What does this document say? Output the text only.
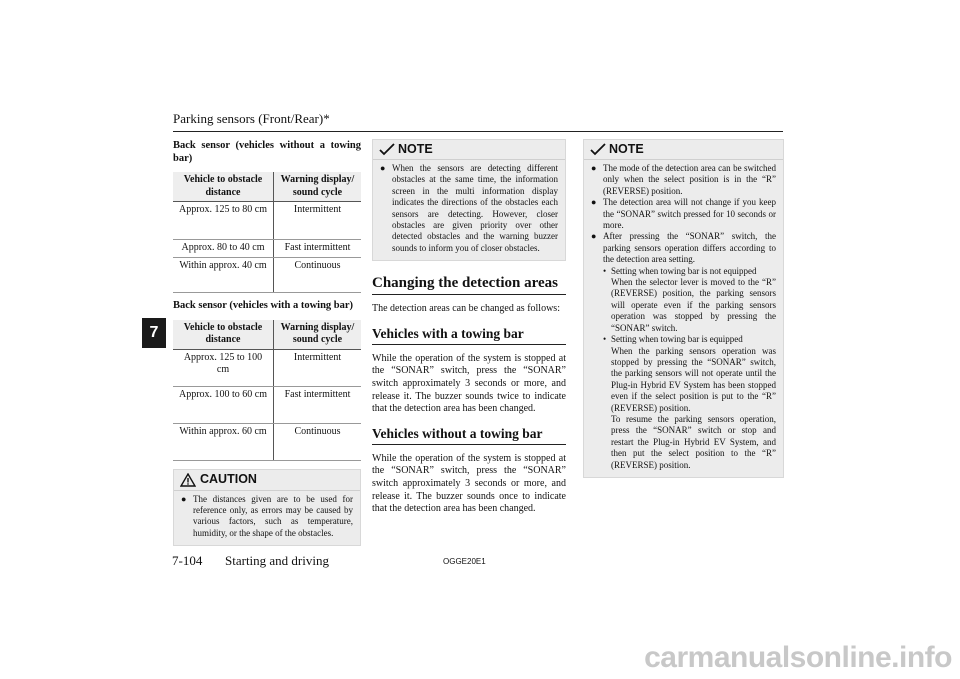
Parking sensors (Front/Rear)*
7
Back sensor (vehicles without a towing bar)
Vehicle to obstacle distance	Warning display/ sound cycle
Approx. 125 to 80 cm	Intermittent
Approx. 80 to 40 cm	Fast intermittent
Within approx. 40 cm	Continuous
Back sensor (vehicles with a towing bar)
Vehicle to obstacle distance	Warning display/ sound cycle
Approx. 125 to 100 cm	Intermittent
Approx. 100 to 60 cm	Fast intermittent
Within approx. 60 cm	Continuous
CAUTION
● The distances given are to be used for reference only, as errors may be caused by various factors, such as temperature, humidity, or the shape of the obstacles.
NOTE
● When the sensors are detecting different obstacles at the same time, the information screen in the multi information display indicates the directions of the obstacles each sensors are detecting. However, closer obstacles are given priority over other detected obstacles and the warning buzzer sounds to inform you of closer obstacles.
Changing the detection areas
The detection areas can be changed as follows:
Vehicles with a towing bar
While the operation of the system is stopped at the “SONAR” switch, press the “SONAR” switch approximately 3 seconds or more, and release it. The buzzer sounds twice to indicate that the detection area has been changed.
Vehicles without a towing bar
While the operation of the system is stopped at the “SONAR” switch, press the “SONAR” switch approximately 3 seconds or more, and release it. The buzzer sounds once to indicate that the detection area has been changed.
NOTE
● The mode of the detection area can be switched only when the select position is in the “R” (REVERSE) position.
● The detection area will not change if you keep the “SONAR” switch pressed for 10 seconds or more.
● After pressing the “SONAR” switch, the parking sensors operation differs according to the detection area setting.
• Setting when towing bar is not equipped
When the selector lever is moved to the “R” (REVERSE) position, the parking sensors will operate even if the parking sensors operation was stopped by pressing the “SONAR” switch.
• Setting when towing bar is equipped
When the parking sensors operation was stopped by pressing the “SONAR” switch, the parking sensors will not operate until the Plug-in Hybrid EV System has been stopped even if the select position is put to the “R” (REVERSE) position.
To resume the parking sensors operation, press the “SONAR” switch or stop and restart the Plug-in Hybrid EV System, and then put the select position to the “R” (REVERSE) position.
7-104 Starting and driving	OGGE20E1
carmanualsonline.info
